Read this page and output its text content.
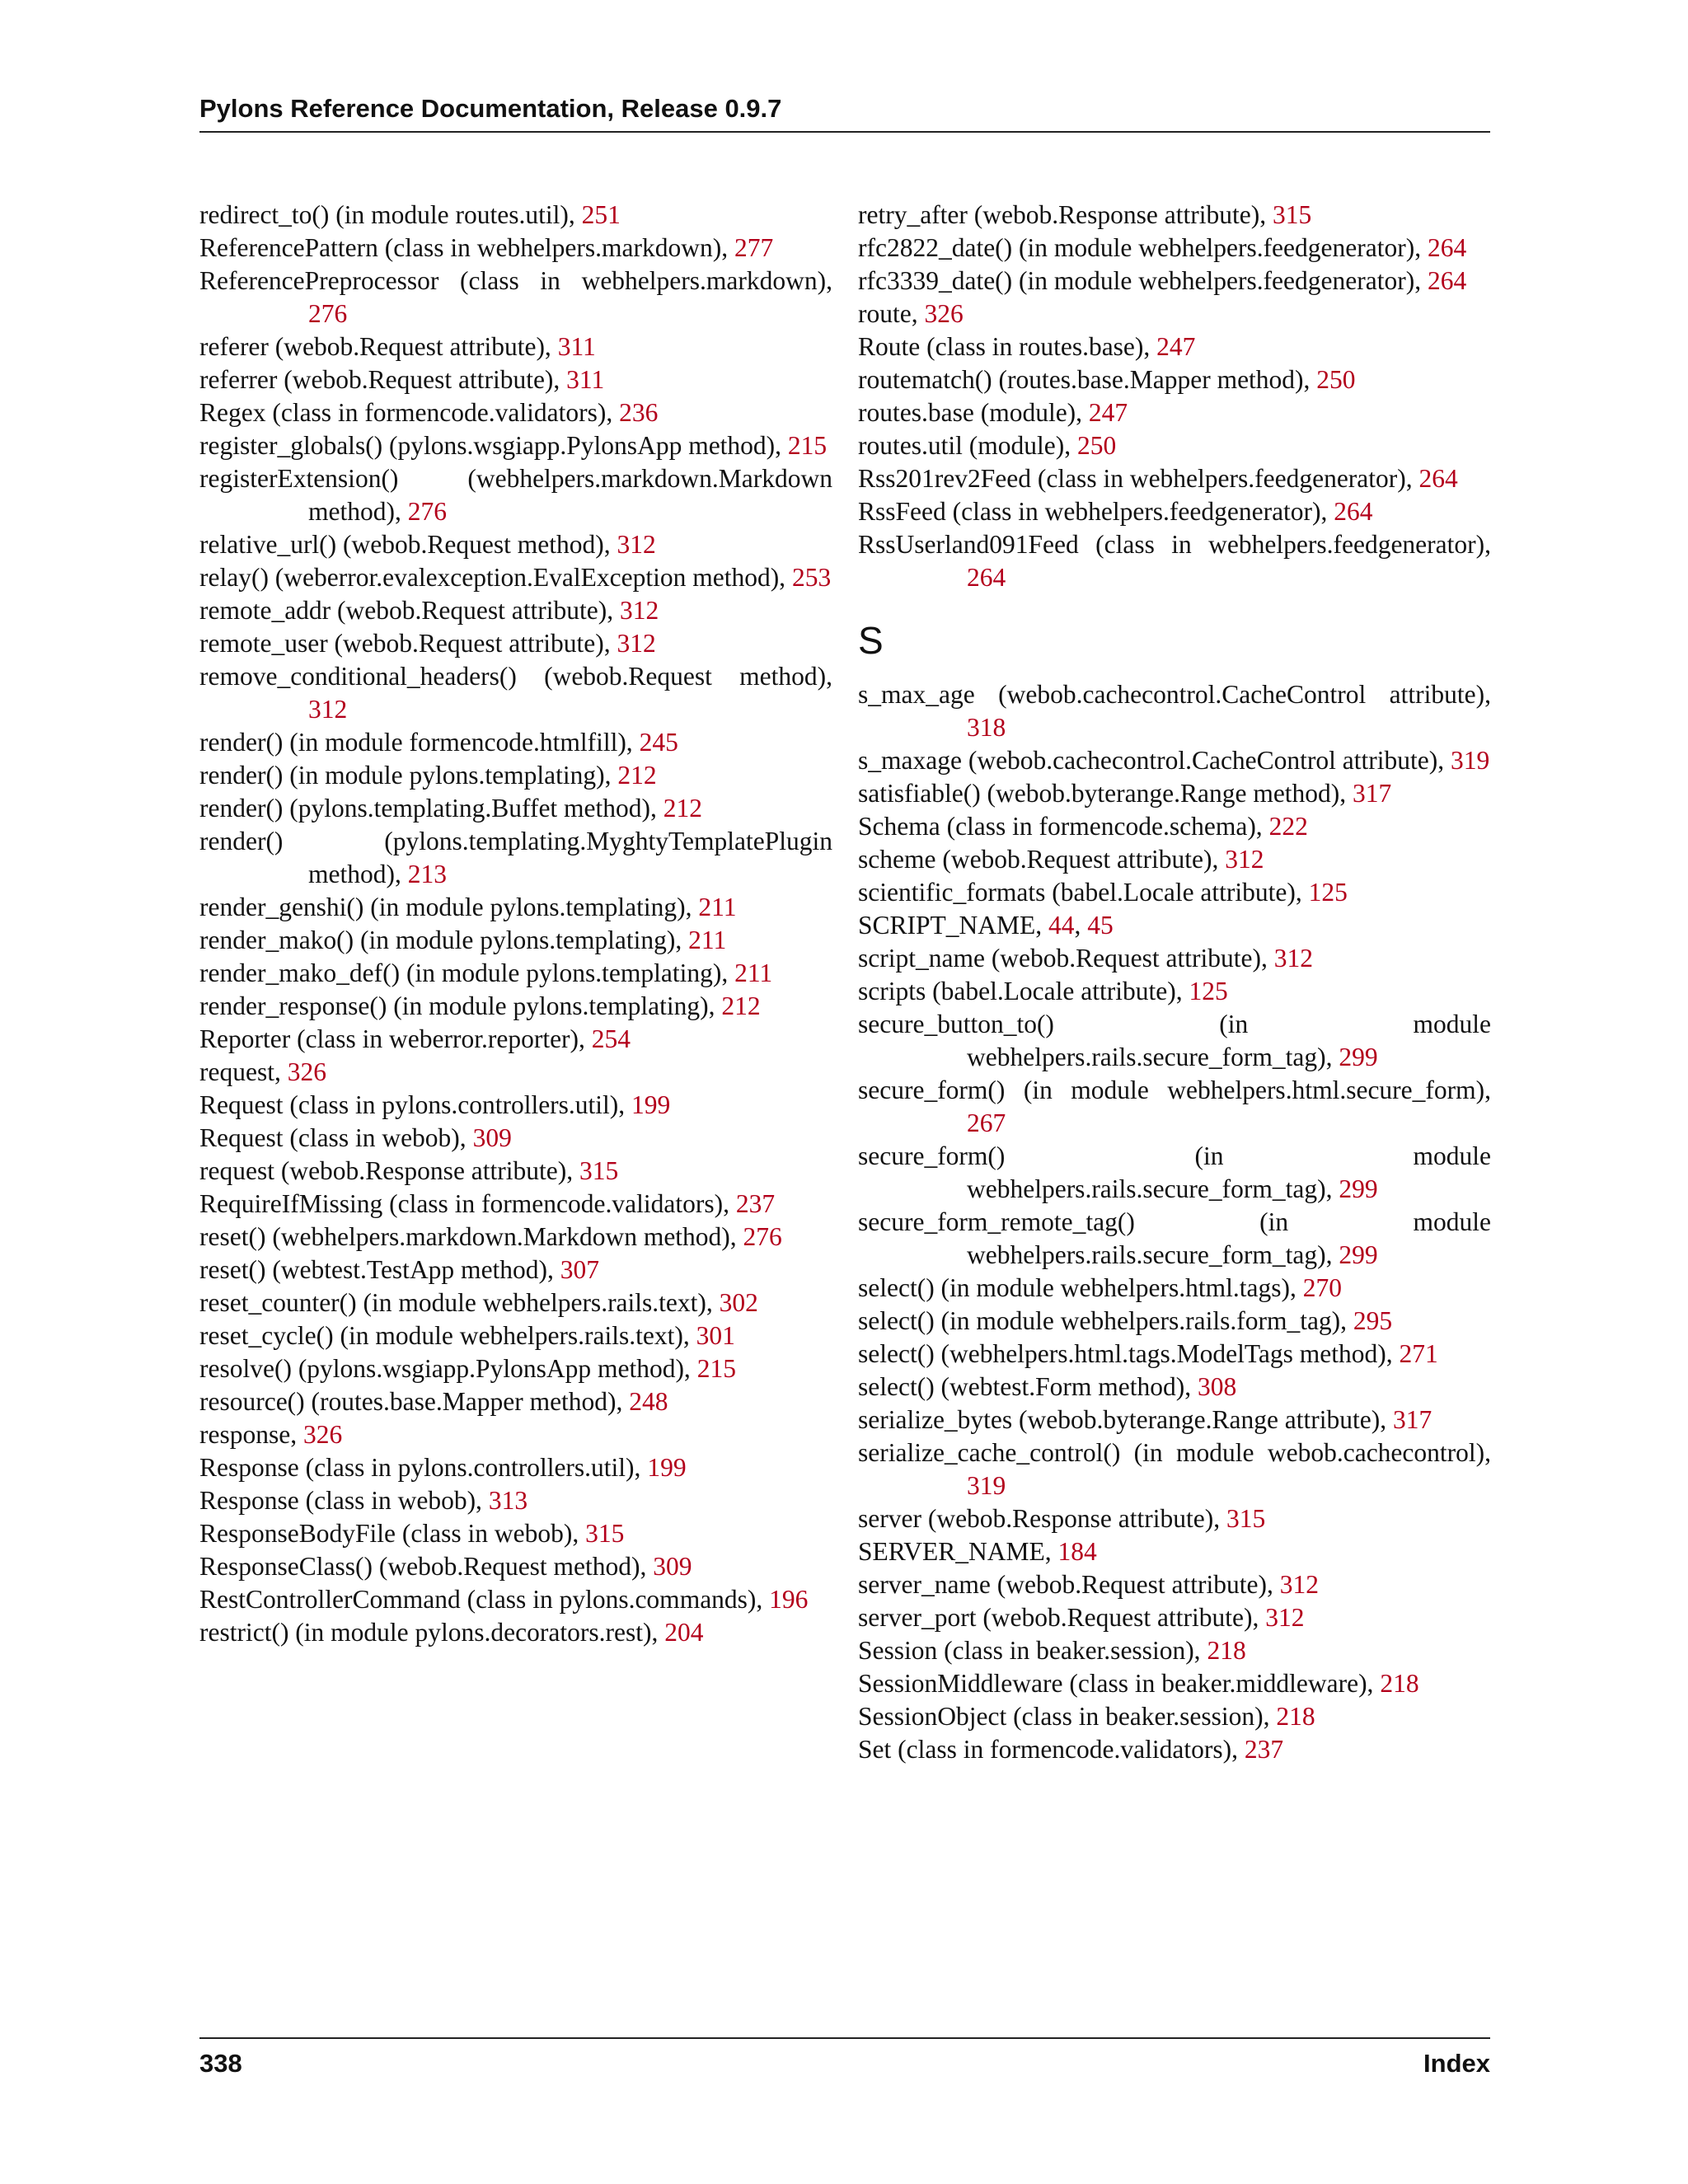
Pylons Reference Documentation, Release 0.9.7

redirect_to() (in module routes.util), 251

ReferencePattern (class in webhelpers.markdown), 277

ReferencePreprocessor (class in webhelpers.markdown), 276

referer (webob.Request attribute), 311

referrer (webob.Request attribute), 311

Regex (class in formencode.validators), 236

register_globals() (pylons.wsgiapp.PylonsApp method), 215

registerExtension() (webhelpers.markdown.Markdown method), 276

relative_url() (webob.Request method), 312

relay() (weberror.evalexception.EvalException method), 253

remote_addr (webob.Request attribute), 312

remote_user (webob.Request attribute), 312

remove_conditional_headers() (webob.Request method), 312

render() (in module formencode.htmlfill), 245

render() (in module pylons.templating), 212

render() (pylons.templating.Buffet method), 212

render() (pylons.templating.MyghtyTemplatePlugin method), 213

render_genshi() (in module pylons.templating), 211

render_mako() (in module pylons.templating), 211

render_mako_def() (in module pylons.templating), 211

render_response() (in module pylons.templating), 212

Reporter (class in weberror.reporter), 254

request, 326

Request (class in pylons.controllers.util), 199

Request (class in webob), 309

request (webob.Response attribute), 315

RequireIfMissing (class in formencode.validators), 237

reset() (webhelpers.markdown.Markdown method), 276

reset() (webtest.TestApp method), 307

reset_counter() (in module webhelpers.rails.text), 302

reset_cycle() (in module webhelpers.rails.text), 301

resolve() (pylons.wsgiapp.PylonsApp method), 215

resource() (routes.base.Mapper method), 248

response, 326

Response (class in pylons.controllers.util), 199

Response (class in webob), 313

ResponseBodyFile (class in webob), 315

ResponseClass() (webob.Request method), 309

RestControllerCommand (class in pylons.commands), 196

restrict() (in module pylons.decorators.rest), 204

retry_after (webob.Response attribute), 315

rfc2822_date() (in module webhelpers.feedgenerator), 264

rfc3339_date() (in module webhelpers.feedgenerator), 264

route, 326

Route (class in routes.base), 247

routematch() (routes.base.Mapper method), 250

routes.base (module), 247

routes.util (module), 250

Rss201rev2Feed (class in webhelpers.feedgenerator), 264

RssFeed (class in webhelpers.feedgenerator), 264

RssUserland091Feed (class in webhelpers.feedgenerator), 264

S

s_max_age (webob.cachecontrol.CacheControl attribute), 318

s_maxage (webob.cachecontrol.CacheControl attribute), 319

satisfiable() (webob.byterange.Range method), 317

Schema (class in formencode.schema), 222

scheme (webob.Request attribute), 312

scientific_formats (babel.Locale attribute), 125

SCRIPT_NAME, 44, 45

script_name (webob.Request attribute), 312

scripts (babel.Locale attribute), 125

secure_button_to() (in module webhelpers.rails.secure_form_tag), 299

secure_form() (in module webhelpers.html.secure_form), 267

secure_form() (in module webhelpers.rails.secure_form_tag), 299

secure_form_remote_tag() (in module webhelpers.rails.secure_form_tag), 299

select() (in module webhelpers.html.tags), 270

select() (in module webhelpers.rails.form_tag), 295

select() (webhelpers.html.tags.ModelTags method), 271

select() (webtest.Form method), 308

serialize_bytes (webob.byterange.Range attribute), 317

serialize_cache_control() (in module webob.cachecontrol), 319

server (webob.Response attribute), 315

SERVER_NAME, 184

server_name (webob.Request attribute), 312

server_port (webob.Request attribute), 312

Session (class in beaker.session), 218

SessionMiddleware (class in beaker.middleware), 218

SessionObject (class in beaker.session), 218

Set (class in formencode.validators), 237

338	Index
